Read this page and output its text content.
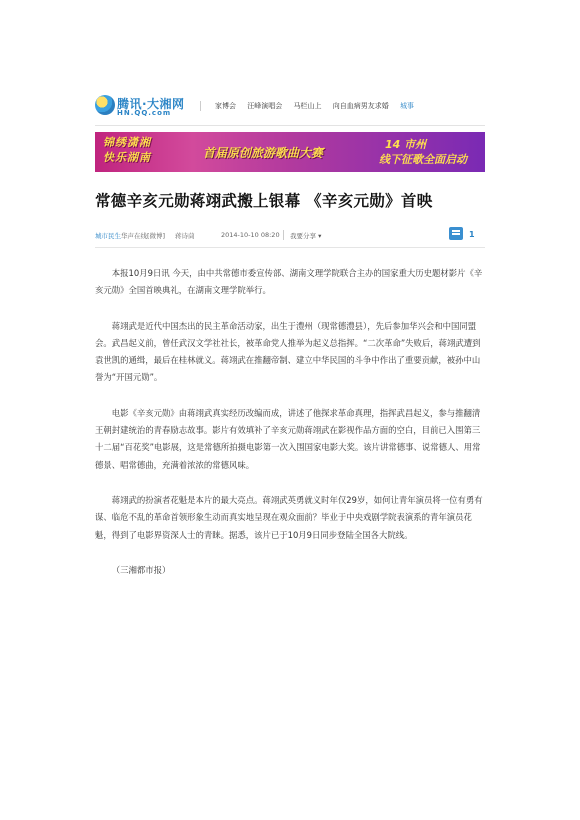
腾讯·大湘网
HN.QQ.com
家博会 汪峰演唱会 马栏山上 向自血病男友求婚 城事
锦绣潇湘
快乐湖南	首届原创旅游歌曲大赛
14 市州
线下征歌全面启动
常德辛亥元勋蒋翊武搬上银幕 《辛亥元勋》首映
城市民生 华声在线[微博] 蒋诗茼	2014-10-10 08:20 我要分享 ▾	1

本报10月9日讯 今天，由中共常德市委宣传部、湖南文理学院联合主办的国家重大历史题材影片《辛亥元勋》全国首映典礼，在湖南文理学院举行。

蒋翊武是近代中国杰出的民主革命活动家，出生于澧州（现常德澧县），先后参加华兴会和中国同盟会。武昌起义前，曾任武汉文学社社长，被革命党人推举为起义总指挥。“二次革命”失败后，蒋翊武遭到袁世凯的通缉，最后在桂林就义。蒋翊武在推翻帝制、建立中华民国的斗争中作出了重要贡献，被孙中山誉为“开国元勋”。

电影《辛亥元勋》由蒋翊武真实经历改编而成，讲述了他探求革命真理，指挥武昌起义，参与推翻清王朝封建统治的青春励志故事。影片有效填补了辛亥元勋蒋翊武在影视作品方面的空白，目前已入围第三十二届“百花奖”电影展，这是常德所拍摄电影第一次入围国家电影大奖。该片讲常德事、说常德人、用常德景、唱常德曲，充满着浓浓的常德风味。

蒋翊武的扮演者花魁是本片的最大亮点。蒋翊武英勇就义时年仅29岁，如何让青年演员将一位有勇有谋、临危不乱的革命首领形象生动而真实地呈现在观众面前？毕业于中央戏剧学院表演系的青年演员花魁，得到了电影界资深人士的青睐。据悉，该片已于10月9日同步登陆全国各大院线。

（三湘都市报）
